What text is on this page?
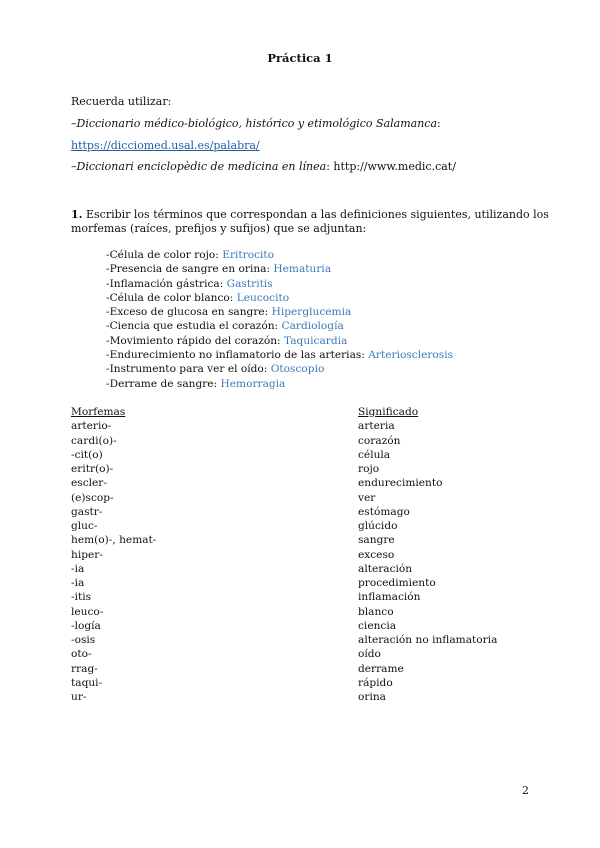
Práctica 1
Recuerda utilizar:
–Diccionario médico-biológico, histórico y etimológico Salamanca:
https://dicciomed.usal.es/palabra/
–Diccionari enciclopèdic de medicina en línea: http://www.medic.cat/
1. Escribir los términos que correspondan a las definiciones siguientes, utilizando los
morfemas (raíces, prefijos y sufijos) que se adjuntan:
-Célula de color rojo: Eritrocito
-Presencia de sangre en orina: Hematuria
-Inflamación gástrica: Gastritis
-Célula de color blanco: Leucocito
-Exceso de glucosa en sangre: Hiperglucemia
-Ciencia que estudia el corazón: Cardiología
-Movimiento rápido del corazón: Taquicardia
-Endurecimiento no inflamatorio de las arterias: Arteriosclerosis
-Instrumento para ver el oído: Otoscopio
-Derrame de sangre: Hemorragia
Morfemas
arterio-
cardi(o)-
-cit(o)
eritr(o)-
escler-
(e)scop-
gastr-
gluc-
hem(o)-, hemat-
hiper-
-ia
-ia
-itis
leuco-
-logía
-osis
oto-
rrag-
taqui-
ur-
Significado
arteria
corazón
célula
rojo
endurecimiento
ver
estómago
glúcido
sangre
exceso
alteración
procedimiento
inflamación
blanco
ciencia
alteración no inflamatoria
oído
derrame
rápido
orina
2
